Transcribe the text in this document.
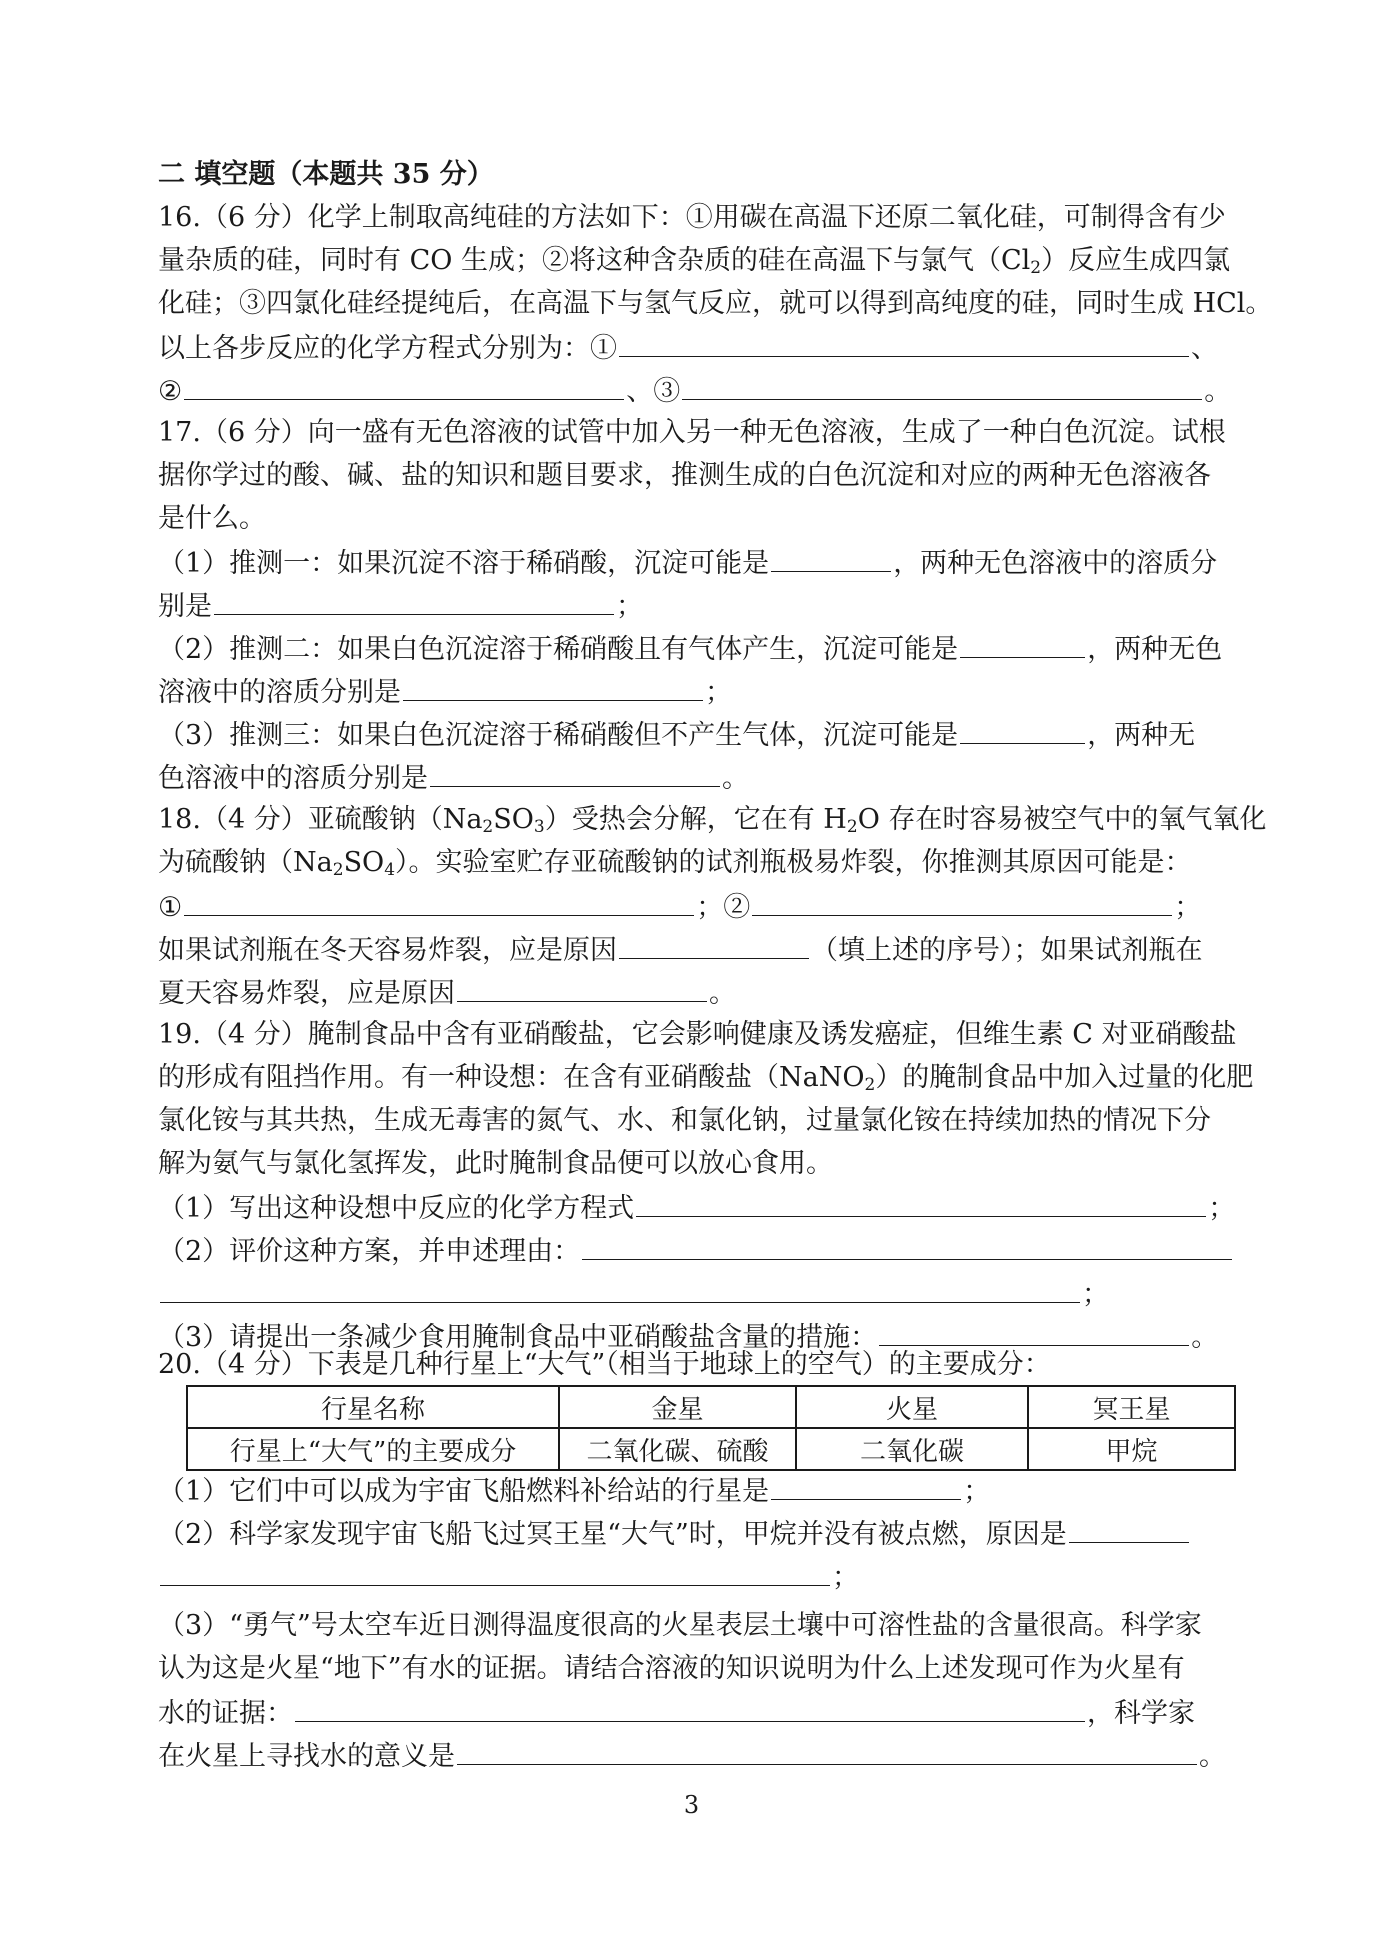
二 填空题（本题共 35 分）
16.（6 分）化学上制取高纯硅的方法如下：①用碳在高温下还原二氧化硅，可制得含有少
量杂质的硅，同时有 CO 生成；②将这种含杂质的硅在高温下与氯气$(Cl_2)$反应生成四氯
化硅；③四氯化硅经提纯后，在高温下与氢气反应，就可以得到高纯度的硅，同时生成 HCl。
以上各步反应的化学方程式分别为：①	、
②	、③	。
17.（6 分）向一盛有无色溶液的试管中加入另一种无色溶液，生成了一种白色沉淀。试根
据你学过的酸、碱、盐的知识和题目要求，推测生成的白色沉淀和对应的两种无色溶液各
是什么。
（1）推测一：如果沉淀不溶于稀硝酸，沉淀可能是	，两种无色溶液中的溶质分
别是	；
（2）推测二：如果白色沉淀溶于稀硝酸且有气体产生，沉淀可能是	，两种无色
溶液中的溶质分别是	；
（3）推测三：如果白色沉淀溶于稀硝酸但不产生气体，沉淀可能是	，两种无
色溶液中的溶质分别是	。
18.（4 分）亚硫酸钠$(Na_2SO_3)$受热会分解，它在有 $H_2O$ 存在时容易被空气中的氧气氧化
为硫酸钠$(Na_2SO_4)$。实验室贮存亚硫酸钠的试剂瓶极易炸裂，你推测其原因可能是：
①	；②	；
如果试剂瓶在冬天容易炸裂，应是原因	（填上述的序号）；如果试剂瓶在
夏天容易炸裂，应是原因	。
19.（4 分）腌制食品中含有亚硝酸盐，它会影响健康及诱发癌症，但维生素 C 对亚硝酸盐
的形成有阻挡作用。有一种设想：在含有亚硝酸盐（NaNO$_2$）的腌制食品中加入过量的化肥
氯化铵与其共热，生成无毒害的氮气、水、和氯化钠，过量氯化铵在持续加热的情况下分
解为氨气与氯化氢挥发，此时腌制食品便可以放心食用。
（1）写出这种设想中反应的化学方程式	；
（2）评价这种方案，并申述理由：
；
（3）请提出一条减少食用腌制食品中亚硝酸盐含量的措施：	。
20.（4 分）下表是几种行星上“大气”（相当于地球上的空气）的主要成分：
行星名称	金星	火星	冥王星
行星上“大气”的主要成分	二氧化碳、硫酸	二氧化碳	甲烷
（1）它们中可以成为宇宙飞船燃料补给站的行星是	；
（2）科学家发现宇宙飞船飞过冥王星“大气”时，甲烷并没有被点燃，原因是
；
（3）“勇气”号太空车近日测得温度很高的火星表层土壤中可溶性盐的含量很高。科学家
认为这是火星“地下”有水的证据。请结合溶液的知识说明为什么上述发现可作为火星有
水的证据：	，科学家
在火星上寻找水的意义是	。
3
